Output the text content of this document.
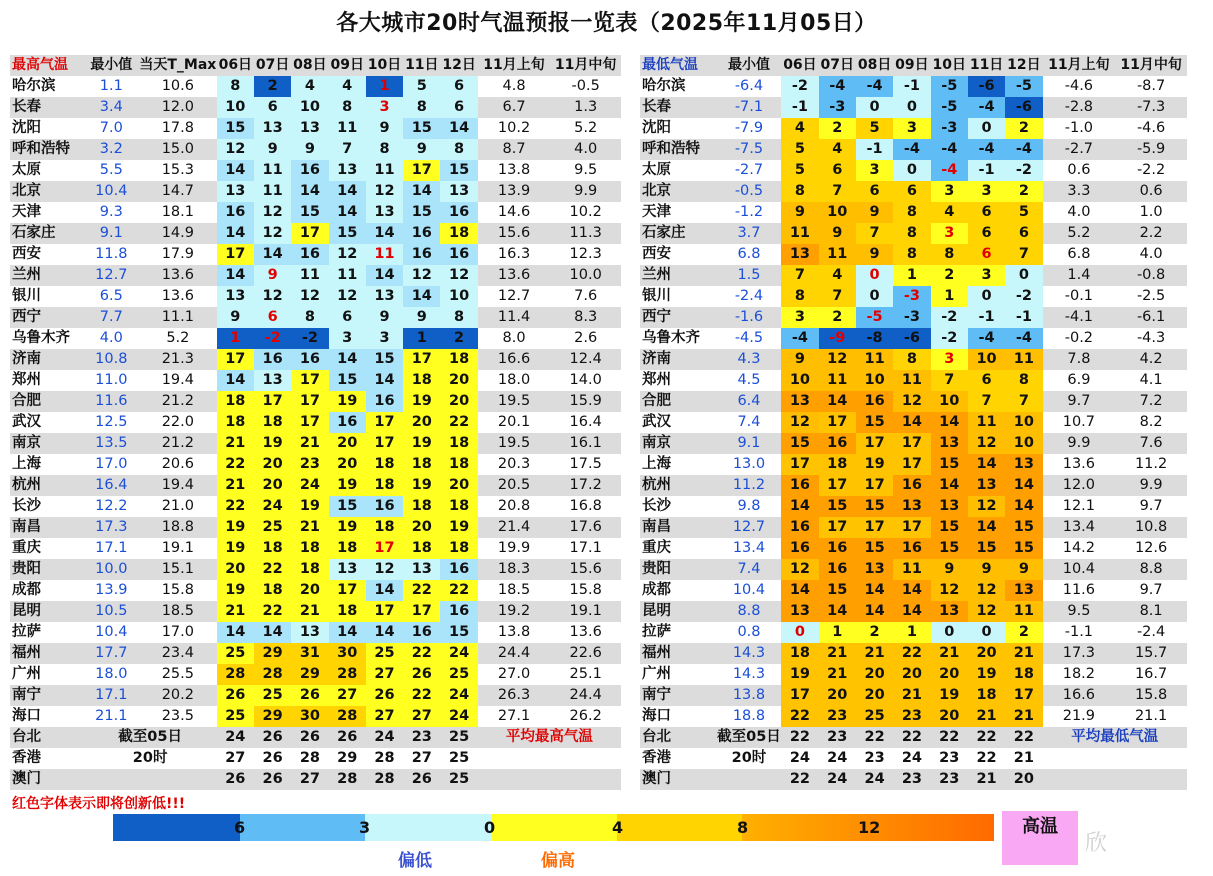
各大城市20时气温预报一览表（2025年11月05日）
最高气温	最小值	当天T_Max	06日	07日	08日	09日	10日	11日	12日	11月上旬	11月中旬
哈尔滨	1.1	10.6	8	2	4	4	1	5	6	4.8	-0.5
长春	3.4	12.0	10	6	10	8	3	8	6	6.7	1.3
沈阳	7.0	17.8	15	13	13	11	9	15	14	10.2	5.2
呼和浩特	3.2	15.0	12	9	9	7	8	9	8	8.7	4.0
太原	5.5	15.3	14	11	16	13	11	17	15	13.8	9.5
北京	10.4	14.7	13	11	14	14	12	14	13	13.9	9.9
天津	9.3	18.1	16	12	15	14	13	15	16	14.6	10.2
石家庄	9.1	14.9	14	12	17	15	14	16	18	15.6	11.3
西安	11.8	17.9	17	14	16	12	11	16	16	16.3	12.3
兰州	12.7	13.6	14	9	11	11	14	12	12	13.6	10.0
银川	6.5	13.6	13	12	12	12	13	14	10	12.7	7.6
西宁	7.7	11.1	9	6	8	6	9	9	8	11.4	8.3
乌鲁木齐	4.0	5.2	1	-2	-2	3	3	1	2	8.0	2.6
济南	10.8	21.3	17	16	16	14	15	17	18	16.6	12.4
郑州	11.0	19.4	14	13	17	15	14	18	20	18.0	14.0
合肥	11.6	21.2	18	17	17	19	16	19	20	19.5	15.9
武汉	12.5	22.0	18	18	17	16	17	20	22	20.1	16.4
南京	13.5	21.2	21	19	21	20	17	19	18	19.5	16.1
上海	17.0	20.6	22	20	23	20	18	18	18	20.3	17.5
杭州	16.4	19.4	21	20	24	19	18	19	20	20.5	17.2
长沙	12.2	21.0	22	24	19	15	16	18	18	20.8	16.8
南昌	17.3	18.8	19	25	21	19	18	20	19	21.4	17.6
重庆	17.1	19.1	19	18	18	18	17	18	18	19.9	17.1
贵阳	10.0	15.1	20	22	18	13	12	13	16	18.3	15.6
成都	13.9	15.8	19	18	20	17	14	22	22	18.5	15.8
昆明	10.5	18.5	21	22	21	18	17	17	16	19.2	19.1
拉萨	10.4	17.0	14	14	13	14	14	16	15	13.8	13.6
福州	17.7	23.4	25	29	31	30	25	22	24	24.4	22.6
广州	18.0	25.5	28	28	29	28	27	26	25	27.0	25.1
南宁	17.1	20.2	26	25	26	27	26	22	24	26.3	24.4
海口	21.1	23.5	25	29	30	28	27	27	24	27.1	26.2
台北	截至05日		24	26	26	26	24	23	25	平均最高气温	
香港	20时		27	26	28	29	28	27	25		
澳门			26	26	27	28	28	26	25		
最低气温	最小值	06日	07日	08日	09日	10日	11日	12日	11月上旬	11月中旬
哈尔滨	-6.4	-2	-4	-4	-1	-5	-6	-5	-4.6	-8.7
长春	-7.1	-1	-3	0	0	-5	-4	-6	-2.8	-7.3
沈阳	-7.9	4	2	5	3	-3	0	2	-1.0	-4.6
呼和浩特	-7.5	5	4	-1	-4	-4	-4	-4	-2.7	-5.9
太原	-2.7	5	6	3	0	-4	-1	-2	0.6	-2.2
北京	-0.5	8	7	6	6	3	3	2	3.3	0.6
天津	-1.2	9	10	9	8	4	6	5	4.0	1.0
石家庄	3.7	11	9	7	8	3	6	6	5.2	2.2
西安	6.8	13	11	9	8	8	6	7	6.8	4.0
兰州	1.5	7	4	0	1	2	3	0	1.4	-0.8
银川	-2.4	8	7	0	-3	1	0	-2	-0.1	-2.5
西宁	-1.6	3	2	-5	-3	-2	-1	-1	-4.1	-6.1
乌鲁木齐	-4.5	-4	-9	-8	-6	-2	-4	-4	-0.2	-4.3
济南	4.3	9	12	11	8	3	10	11	7.8	4.2
郑州	4.5	10	11	10	11	7	6	8	6.9	4.1
合肥	6.4	13	14	16	12	10	7	7	9.7	7.2
武汉	7.4	12	17	15	14	14	11	10	10.7	8.2
南京	9.1	15	16	17	17	13	12	10	9.9	7.6
上海	13.0	17	18	19	17	15	14	13	13.6	11.2
杭州	11.2	16	17	17	16	14	13	14	12.0	9.9
长沙	9.8	14	15	15	13	13	12	14	12.1	9.7
南昌	12.7	16	17	17	17	15	14	15	13.4	10.8
重庆	13.4	16	16	15	16	15	15	15	14.2	12.6
贵阳	7.4	12	16	13	11	9	9	9	10.4	8.8
成都	10.4	14	15	14	14	12	12	13	11.6	9.7
昆明	8.8	13	14	14	14	13	12	11	9.5	8.1
拉萨	0.8	0	1	2	1	0	0	2	-1.1	-2.4
福州	14.3	18	21	21	22	21	20	21	17.3	15.7
广州	14.3	19	21	20	20	20	19	18	18.2	16.7
南宁	13.8	17	20	20	21	19	18	17	16.6	15.8
海口	18.8	22	23	25	23	20	21	21	21.9	21.1
台北	截至05日	22	23	22	22	22	22	22	平均最低气温	
香港	20时	24	24	23	24	23	22	21		
澳门		22	24	24	23	23	21	20		
红色字体表示即将创新低!!!
6	3	0	4	8	12
偏低	偏高
高温
欣
